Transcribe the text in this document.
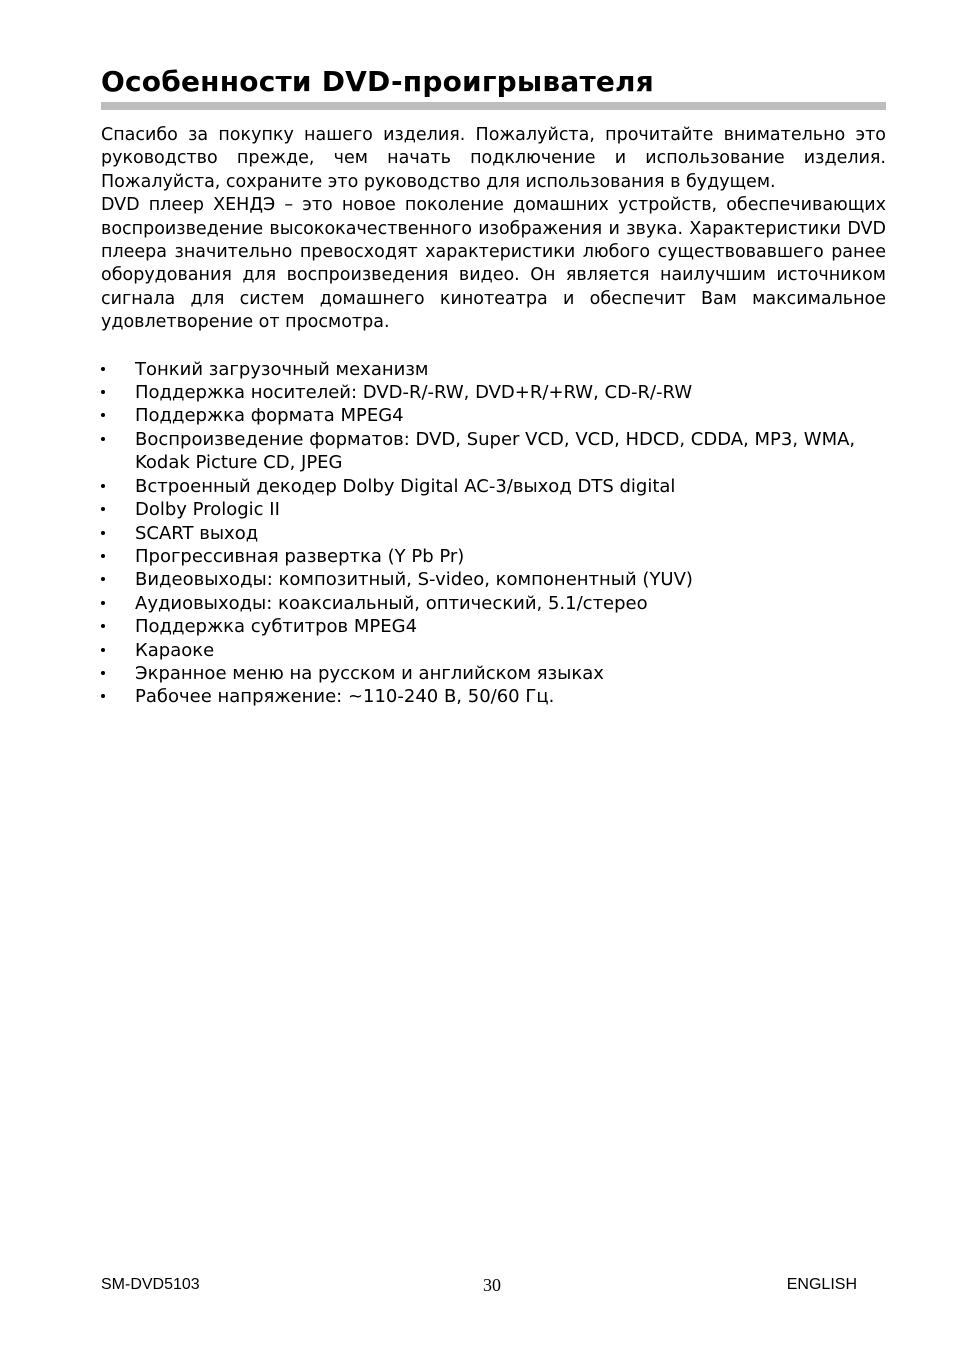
Особенности DVD-проигрывателя

Спасибо за покупку нашего изделия. Пожалуйста, прочитайте внимательно это руководство прежде, чем начать подключение и использование изделия. Пожалуйста, сохраните это руководство для использования в будущем.

DVD плеер ХЕНДЭ – это новое поколение домашних устройств, обеспечивающих воспроизведение высококачественного изображения и звука. Характеристики DVD плеера значительно превосходят характеристики любого существовавшего ранее оборудования для воспроизведения видео. Он является наилучшим источником сигнала для систем домашнего кинотеатра и обеспечит Вам максимальное удовлетворение от просмотра.

Тонкий загрузочный механизм
Поддержка носителей: DVD-R/-RW, DVD+R/+RW, CD-R/-RW
Поддержка формата MPEG4
Воспроизведение форматов: DVD, Super VCD, VCD, HDCD, CDDA, MP3, WMA, Kodak Picture CD, JPEG
Встроенный декодер Dolby Digital AC-3/выход DTS digital
Dolby Prologic II
SCART выход
Прогрессивная развертка (Y Pb Pr)
Видеовыходы: композитный, S-video, компонентный (YUV)
Аудиовыходы: коаксиальный, оптический, 5.1/стерео
Поддержка субтитров MPEG4
Караоке
Экранное меню на русском и английском языках
Рабочее напряжение: ~110-240 В, 50/60 Гц.
SM-DVD5103	30	ENGLISH
